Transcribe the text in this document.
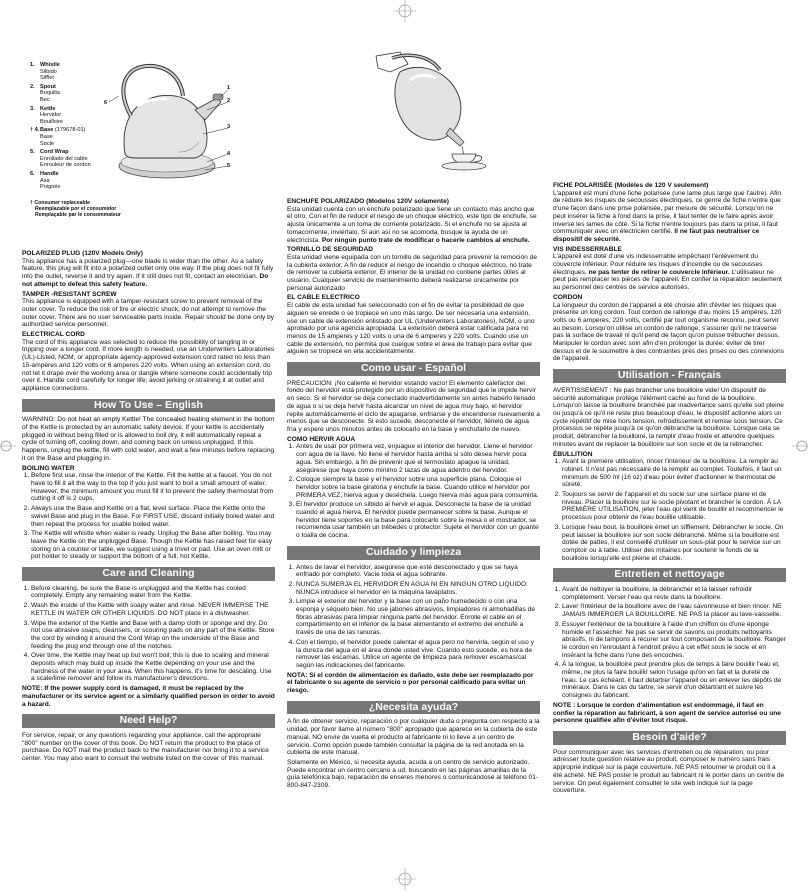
1. Whistle
Silbido
Sifflet
2. Spout
Boquilla
Bec
3. Kettle
Hervidor
Bouilloire
† 4.Base (179678-01)
Base
Socle
5. Cord Wrap
Enrollado del cable
Enrouleur de cordon
6. Handle
Asa
Poignée
† Consumer replaceable
Reemplazable por el consumidor
Remplaçable par le consommateur
1
2
3
4
5
6
POLARIZED PLUG (120V Models Only)

This appliance has a polarized plug—one blade is wider than the other. As a safety feature, this plug will fit into a polarized outlet only one way. If the plug does not fit fully into the outlet, reverse it and try again. If it still does not fit, contact an electrician. Do not attempt to defeat this safety feature.

TAMPER -RESISTANT SCREW

This appliance is equipped with a tamper-resistant screw to prevent removal of the outer cover. To reduce the risk of fire or electric shock, do not attempt to remove the outer cover. There are no user serviceable parts inside. Repair should be done only by authorized service personnel.

ELECTRICAL CORD

The cord of this appliance was selected to reduce the possibility of tangling in or tripping over a longer cord. If more length is needed, use an Underwriters Laboratories (UL)-Listed, NOM, or appropriate agency-approved extension cord rated no less than 15-amperes and 120 volts or 6 amperes 220 volts. When using an extension cord, do not let it drape over the working area or dangle where someone could accidentally trip over it. Handle cord carefully for longer life; avoid jerking or straining it at outlet and appliance connections.

How To Use – English

WARNING: Do not heat an empty Kettle! The concealed heating element in the bottom of the Kettle is protected by an automatic safety device. If your kettle is accidentally plugged in without being filled or is allowed to boil dry, it will automatically repeat a cycle of turning off, cooling down, and coming back on unless unplugged. If this happens, unplug the kettle, fill with cold water, and wait a few minutes before replacing it on the Base and plugging in.

BOILING WATER
1. Before first use, rinse the interior of the Kettle. Fill the kettle at a faucet. You do not have to fill it all the way to the top if you just want to boil a small amount of water. However, the minimum amount you must fill it to prevent the safety thermostat from cutting it off is 2 cups.
2. Always use the Base and Kettle on a flat, level surface. Place the Kettle onto the swivel Base and plug in the Base. For FIRST USE, discard initially boiled water and then repeat the process for usable boiled water.
3. The Kettle will whistle when water is ready. Unplug the Base after boiling. You may leave the Kettle on the unplugged Base. Though the Kettle has raised feet for easy storing on a counter or table, we suggest using a trivet or pad. Use an oven mitt or pot holder to steady or support the bottom of a full, hot Kettle.
Care and Cleaning
1. Before cleaning, be sure the Base is unplugged and the Kettle has cooled completely. Empty any remaining water from the Kettle.
2. Wash the inside of the Kettle with soapy water and rinse. NEVER IMMERSE THE KETTLE IN WATER OR OTHER LIQUIDS. DO NOT place in a dishwasher.
3. Wipe the exterior of the Kettle and Base with a damp cloth or sponge and dry. Do not use abrasive soaps, cleansers, or scouring pads on any part of the Kettle. Store the cord by winding it around the Cord Wrap on the underside of the Base and feeding the plug end through one of the notches.
4. Over time, the Kettle may heat up but won't boil; this is due to scaling and mineral deposits which may build up inside the Kettle depending on your use and the hardness of the water in your area. When this happens, it's time for descaling. Use a scale/lime remover and follow its manufacturer's directions.

NOTE: If the power supply cord is damaged, it must be replaced by the manufacturer or its service agent or a similarly qualified person in order to avoid a hazard.

Need Help?

For service, repair, or any questions regarding your appliance, call the appropriate "800" number on the cover of this book. Do NOT return the product to the place of purchase. Do NOT mail the product back to the manufacturer nor bring it to a service center. You may also want to consult the website listed on the cover of this manual.

ENCHUFE POLARIZADO (Modelos 120V solamente)

Esta unidad cuenta con un enchufe polarizado que tiene un contacto más ancho que el otro. Con el fin de reducir el riesgo de un choque eléctrico, este tipo de enchufe, se ajusta únicamente a un toma de corriente polarizado. Si el enchufe no se ajusta al tomacorriente, inviértalo. Si aún así no se acomoda, busque la ayuda de un electricista. Por ningún punto trate de modificar o hacerle cambios al enchufe.

TORNILLO DE SEGURIDAD

Esta unidad viene equipada con un tornillo de seguridad para prevenir la remoción de la cubierta exterior. A fin de reducir el riesgo de incendio o choque eléctrico, no trate de remover la cubierta exterior. El interior de la unidad no contiene partes útiles al usuario. Cualquier servicio de mantenimiento deberá realizarse únicamente por personal autorizado

EL CABLE ELECTRICO

El cable de esta unidad fue seleccionado con el fin de evitar la posibilidad de que alguien se enrede o se tropiece en uno más largo. De ser necesaria una extensión, use un cable de extensión enlistado por UL (Underwriters Laboratories), NOM, o uno aprobado por una agencia apropiada. La extensión deberá estar calificada para no menos de 15 amperes y 120 volts o una de 6 amperes y 220 volts. Cuando use un cable de extensión, no permita que cuelgue sobre el área de trabajo para evitar que alguien se tropiece en ella accidentalmente.

Como usar - Español

PRECAUCION: ¡No caliente el hervidor estando vacío! El elemento calefactor del fondo del hervidor está protegido por un dispositivo de seguridad que le impide hervir en seco. Si el hervidor se deja conectado inadvertidamente sin antes haberlo llenado de agua o si se deja hervir hasta alcanzar un nivel de agua muy bajo, el hervidor repite automáticamente el ciclo de apagarse, enfriarse y de encenderse nuevamente a menos que se desconecte. Si esto sucede, desconecte el hervidor, llénelo de agua fría y espere unos minutos antes de colocarlo en la base y enchufarlo de nuevo.

COMO HERVIR AGUA
1. Antes de usar por primera vez, enjuague el interior del hervidor. Llene el hervidor con agua de la llave. No llene el hervidor hasta arriba si sólo desea hervir poca agua. Sin embargo, a fin de prevenir que el termostato apague la unidad, asegúrese que haya como mínimo 2 tazas de agua adentro del hervidor.
2. Coloque siempre la base y el hervidor sobre una superficie plana. Coloque el hervidor sobre la base giratoria y enchufe la base. Cuando utilice el hervidor por PRIMERA VEZ, hierva agua y deséchela. Luego hierva más agua para consumirla.
3. El hervidor produce un silbido al hervir el agua. Desconecte la base de la unidad cuando el agua hierva. El hervidor puede permanecer sobre la base. Aunque el hervidor tiene soportes en la base para colocarlo sobre la mesa o el mostrador, se recomienda usar también un trébedes o protector. Sujete el hervidor con un guante o toalla de cocina.
Cuidado y limpieza
1. Antes de lavar el hervidor, asegúrese que esté desconectado y que se haya enfriado por completo. Vacíe toda el agua sobrante.
2. NUNCA SUMERJA EL HERVIDOR EN AGUA NI EN NINGUN OTRO LIQUIDO. NUNCA introduce el hervidor en la máquina lavaplatos.
3. Limpie el exterior del hervidor y la base con un paño humedecido o con una esponja y séquelo bien. No use jabones abrasivos, limpiadores ni almohadillas de fibras abrasivas para limpiar ninguna parte del hervidor. Enrolle el cable en el compartimiento en el inferior de la base alimentando el extremo del enchufe a través de una de las ranuras.
4. Con el tiempo, el hervidor puede calentar el agua pero no hervirla, según el uso y la dureza del agua en el área donde usted vive. Cuando esto sucede, es hora de remover las escamas. Utilice un agente de limpieza para remover escamas/cal según las indicaciones del fabricante.

NOTA: Si el cordón de alimentación es dañado, este debe ser reemplazado por el fabricante o su agente de servicio o por personal calificado para evitar un riesgo.

¿Necesita ayuda?

A fin de obtener servicio, reparación o por cualquier duda o pregunta con respecto a la unidad, por favor llame al número "800" apropiado que aparece en la cubierta de este manual. NO envíe de vuelta el producto al fabricante ni lo lleve a un centro de servicio. Como opción puede también consultar la página de la red anotada en la cubierta de este manual.

Solamente en México, si necesita ayuda, acuda a un centro de servicio autorizado. Puede encontrar un centro cercano a ud. buscando en las páginas amarillas de la guía telefónica bajo, reparación de enseres menores o comunicándose al teléfono 01-800-847-2309.

FICHE POLARISÉE (Modèles de 120 V seulement)

L'appareil est muni d'une fiche polarisée (une lame plus large que l'autre). Afin de réduire les risques de secousses électriques, ce genre de fiche n'entre que d'une façon dans une prise polarisée, par mesure de sécurité. Lorsqu'on ne peut insérer la fiche à fond dans la prise, il faut tenter de le faire après avoir inversé les lames de côté. Si la fiche n'entre toujours pas dans la prise, il faut communiquer avec un électricien certifié. Il ne faut pas neutraliser ce dispositif de sécurité.

VIS INDESSERRABLE

L'appareil est doté d'une vis indesserrable empêchant l'enlèvement du couvercle inférieur. Pour réduire les risques d'incendie ou de secousses électriques, ne pas tenter de retirer le couvercle inférieur. L'utilisateur ne peut pas remplacer les pièces de l'appareil. En confier la réparation seulement au personnel des centres de service autorisés.

CORDON

La longueur du cordon de l'appareil a été choisie afin d'éviter les risques que présente un long cordon. Tout cordon de rallonge d'au moins 15 ampères, 120 volts ou 6 ampères, 220 volts, certifié par tout organisme reconnu, peut servir au besoin. Lorsqu'on utilise un cordon de rallonge, s'assurer qu'il ne traverse pas la surface de travail ni qu'il pend de façon qu'on puisse trébucher dessus. Manipuler le cordon avec soin afin d'en prolonger la durée; éviter de tirer dessus et de le soumettre à des contraintes près des prises ou des connexions de l'appareil.

Utilisation - Français

AVERTISSEMENT : Ne pas brancher une bouilloire vide! Un dispositif de sécurité automatique protège l'élément caché au fond de la bouilloire. Lorsqu'on laisse la bouilloire branchée par inadvertance sans qu'elle soit pleine ou jusqu'à ce qu'il ne reste plus beaucoup d'eau, le dispositif actionne alors un cycle répétitif de mise hors tension, refroidissement et remise sous tension. Ce processus se répète jusqu'à ce qu'on débranche la bouilloire. Lorsque cela se produit, débrancher la bouilloire, la remplir d'eau froide et attendre quelques minutes avant de replacer la bouilloire sur son socle et de la rebrancher.

ÉBULLITION
1. Avant la première utilisation, rincer l'intérieur de la bouilloire. La remplir au robinet. Il n'est pas nécessaire de la remplir au complet. Toutefois, il faut un minimum de 500 ml (16 oz) d'eau pour éviter d'actionner le thermostat de sûreté.
2. Toujours se servir de l'appareil et du socle sur une surface plane et de niveau. Placer la bouilloire sur le socle pivotant et brancher le cordon. À LA PREMIÈRE UTILISATION, jeter l'eau qui vient de bouillir et recommencer le processus pour obtenir de l'eau bouillie utilisable.
3. Lorsque l'eau bout, la bouilloire émet un sifflement. Débrancher le socle. On peut laisser la bouilloire sur son socle débranché. Même si la bouilloire est dotée de pattes, il est conseillé d'utiliser un sous-plat pour le service sur un comptoir ou à table. Utiliser des mitaines por soutenir le fonds de la bouilloire lorsqu'elle est pleine et chaude.
Entretien et nettoyage
1. Avant de nettoyer la bouilloire, la débrancher et la laisser refroidir complètement. Verser l'eau qui reste dans la bouilloire.
2. Laver l'intérieur de la bouilloire avec de l'eau savonneuse et bien rincer. NE JAMAIS IMMERGER LA BOUILLOIRE. NE PAS la placer au lave-vaisselle.
3. Essuyer l'extérieur de la bouilloire à l'aide d'un chiffon ou d'une éponge humide et l'assécher. Ne pas se servir de savons ou produits nettoyants abrasifs, ni de tampons à récurer sur tout composant de la bouilloire. Ranger le cordon en l'enroulant à l'endroit prévu à cet effet sous le socle et en insérant la fiche dans l'une des encoches.
4. À la longue, la bouilloire peut prendre plus de temps à faire bouillir l'eau et, même, ne plus la faire bouillir selon l'usage qu'on en fait et la dureté de l'eau. Le cas échéant, il faut détartrer l'appareil ou en enlever les dépôts de minéraux. Dans le cas du tartre, se servir d'un détartrant et suivre les consignes du fabricant.

NOTE : Lorsque le cordon d'alimentation est endommagé, il faut en confier la réparation au fabricant, à son agent de service autorisé ou une personne qualifiée afin d'éviter tout risque.

Besoin d'aide?

Pour communiquer avec les services d'entretien ou de réparation, ou pour adresser toute question relative au produit, composer le numéro sans frais approprié indiqué sur la page couverture. NE PAS retourner le produit où il a été acheté. NE PAS poster le produit au fabricant ni le porter dans un centre de service. On peut également consulter le site web indiqué sur la page couverture.
